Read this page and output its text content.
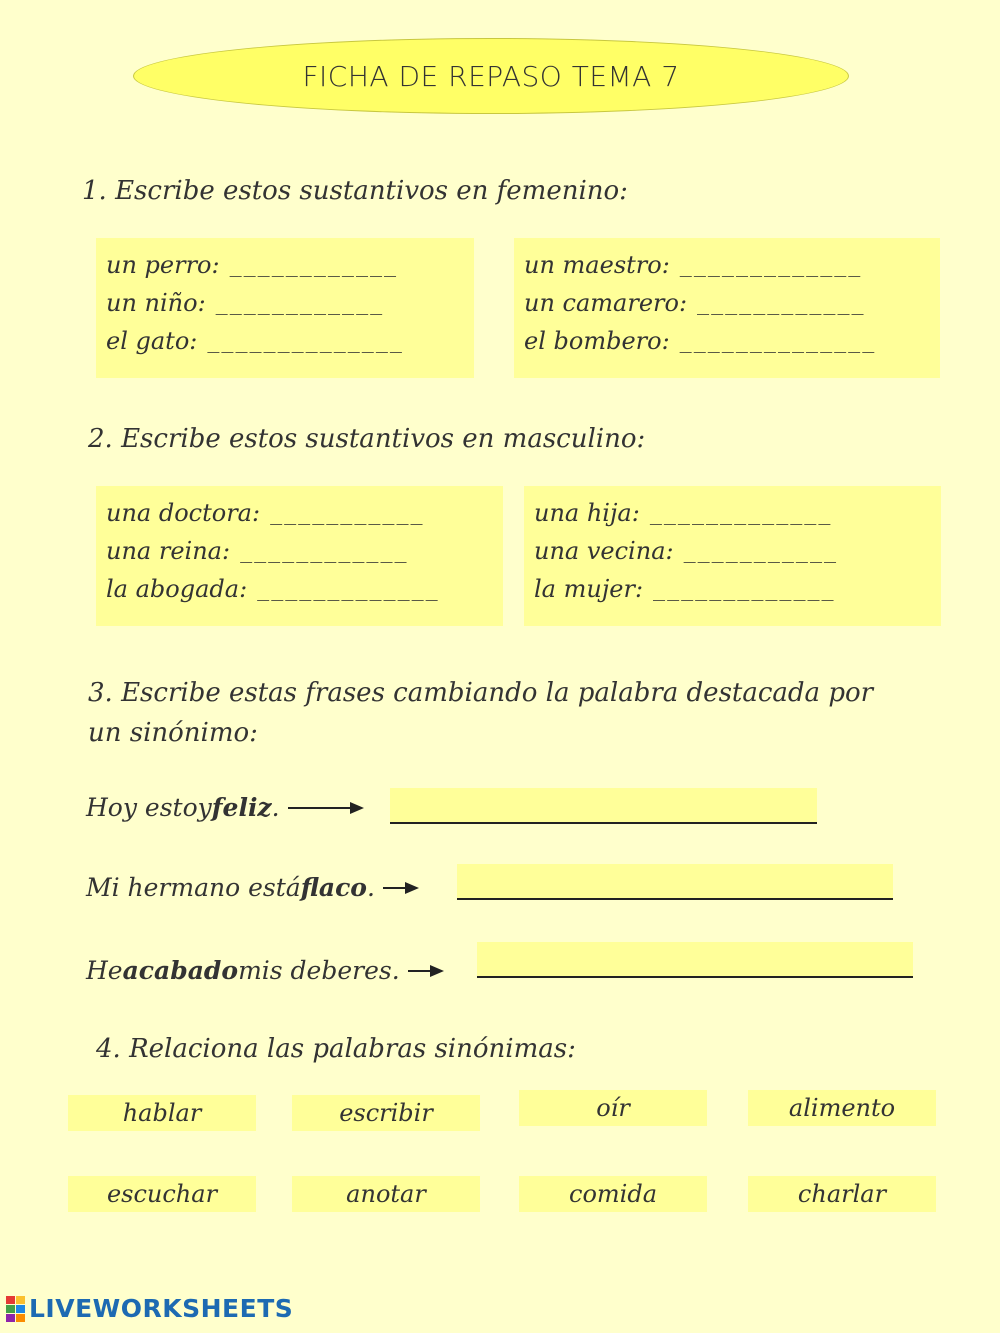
FICHA DE REPASO TEMA 7
1. Escribe estos sustantivos en femenino:
un perro: ____________
un niño: ____________
el gato: ______________
un maestro: _____________
un camarero: ____________
el bombero: ______________
2. Escribe estos sustantivos en masculino:
una doctora: ___________
una reina: ____________
la abogada: _____________
una hija: _____________
una vecina: ___________
la mujer: _____________
3. Escribe estas frases cambiando la palabra destacada por
un sinónimo:
Hoy estoy feliz .
Mi hermano está flaco .
He acabado mis deberes.
4. Relaciona las palabras sinónimas:
hablar	escribir	oír	alimento
escuchar	anotar	comida	charlar
LIVEWORKSHEETS
